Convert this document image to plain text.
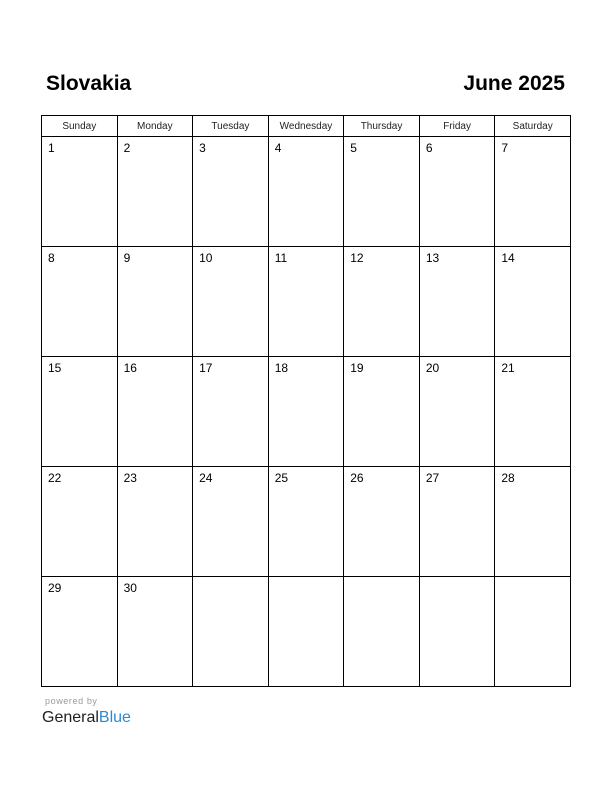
Slovakia	June 2025
Sunday	Monday	Tuesday	Wednesday	Thursday	Friday	Saturday

1	2	3	4	5	6	7

8	9	10	11	12	13	14

15	16	17	18	19	20	21

22	23	24	25	26	27	28

29	30					

powered by
GeneralBlue
